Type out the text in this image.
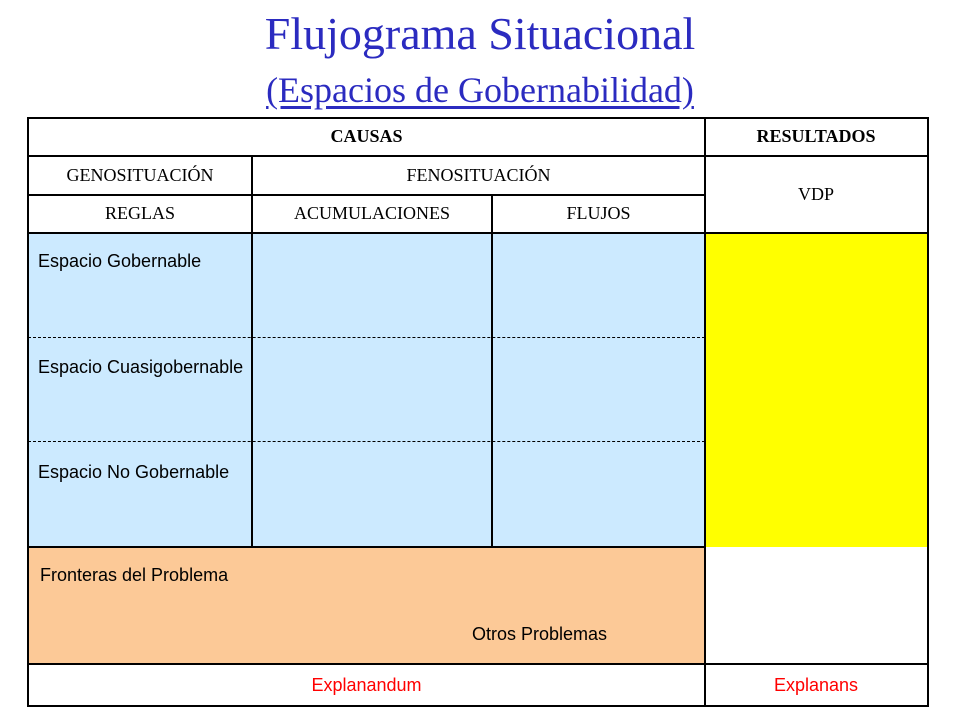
Flujograma Situacional
(Espacios de Gobernabilidad)
CAUSAS	RESULTADOS
GENOSITUACIÓN	FENOSITUACIÓN
VDP
REGLAS	ACUMULACIONES	FLUJOS
Espacio Gobernable
Espacio Cuasigobernable
Espacio No Gobernable
Fronteras del Problema
Otros Problemas
Explanandum	Explanans
